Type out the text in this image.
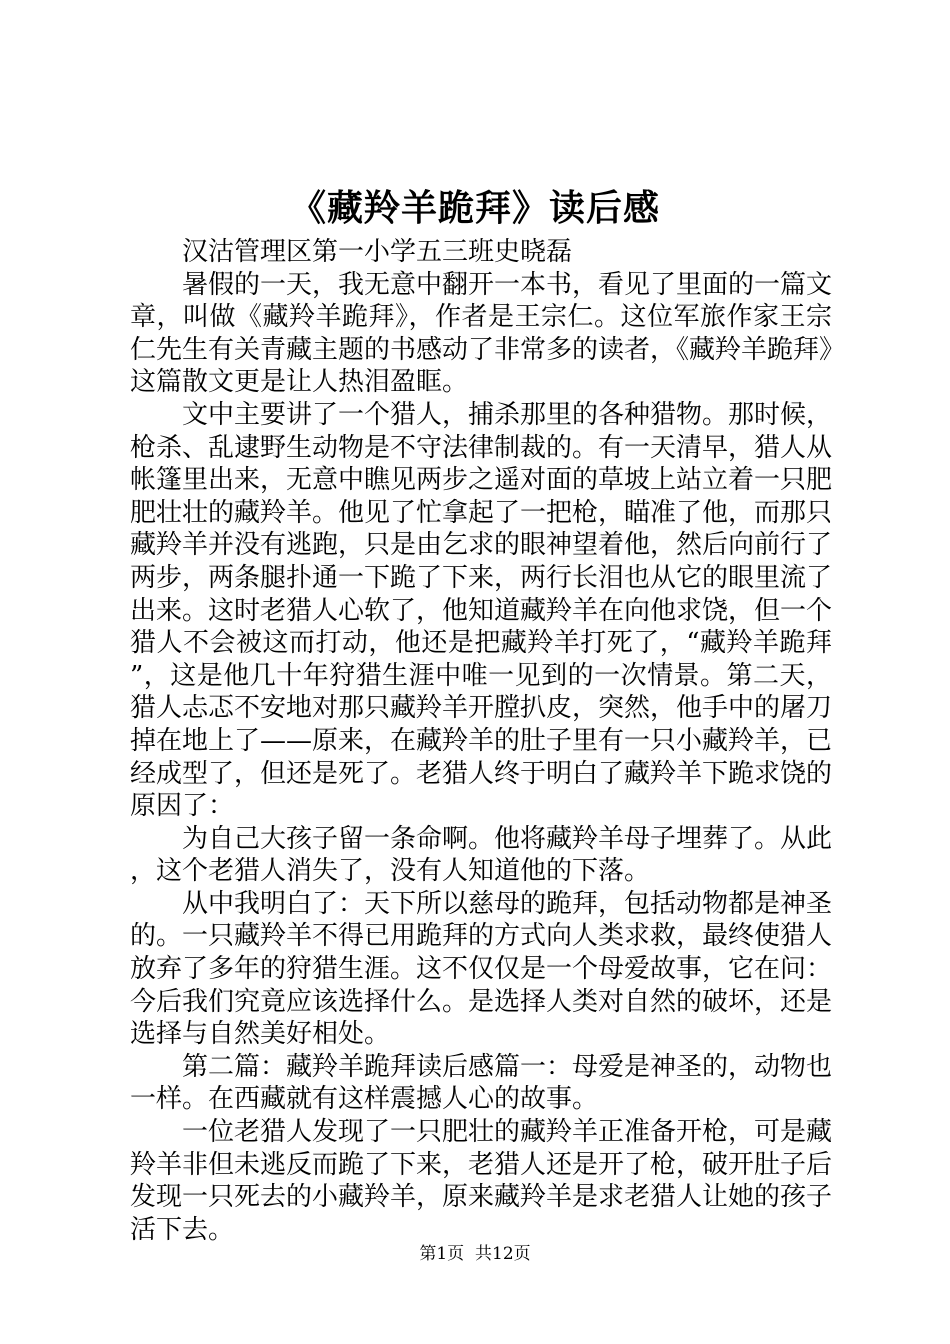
《藏羚羊跪拜》读后感

汉沽管理区第一小学五三班史晓磊

暑假的一天，我无意中翻开一本书，看见了里面的一篇文章，叫做《藏羚羊跪拜》，作者是王宗仁。这位军旅作家王宗仁先生有关青藏主题的书感动了非常多的读者，《藏羚羊跪拜》这篇散文更是让人热泪盈眶。

文中主要讲了一个猎人，捕杀那里的各种猎物。那时候，枪杀、乱逮野生动物是不守法律制裁的。有一天清早，猎人从帐篷里出来，无意中瞧见两步之遥对面的草坡上站立着一只肥肥壮壮的藏羚羊。他见了忙拿起了一把枪，瞄准了他，而那只藏羚羊并没有逃跑，只是由乞求的眼神望着他，然后向前行了两步，两条腿扑通一下跪了下来，两行长泪也从它的眼里流了出来。这时老猎人心软了，他知道藏羚羊在向他求饶，但一个猎人不会被这而打动，他还是把藏羚羊打死了，“藏羚羊跪拜”，这是他几十年狩猎生涯中唯一见到的一次情景。第二天，猎人忐忑不安地对那只藏羚羊开膛扒皮，突然，他手中的屠刀掉在地上了——原来，在藏羚羊的肚子里有一只小藏羚羊，已经成型了，但还是死了。老猎人终于明白了藏羚羊下跪求饶的原因了：

为自己大孩子留一条命啊。他将藏羚羊母子埋葬了。从此，这个老猎人消失了，没有人知道他的下落。

从中我明白了：天下所以慈母的跪拜，包括动物都是神圣的。一只藏羚羊不得已用跪拜的方式向人类求救，最终使猎人放弃了多年的狩猎生涯。这不仅仅是一个母爱故事，它在问：今后我们究竟应该选择什么。是选择人类对自然的破坏，还是选择与自然美好相处。

第二篇：藏羚羊跪拜读后感篇一：母爱是神圣的，动物也一样。在西藏就有这样震撼人心的故事。

一位老猎人发现了一只肥壮的藏羚羊正准备开枪，可是藏羚羊非但未逃反而跪了下来，老猎人还是开了枪，破开肚子后发现一只死去的小藏羚羊，原来藏羚羊是求老猎人让她的孩子活下去。

第1页 共12页
